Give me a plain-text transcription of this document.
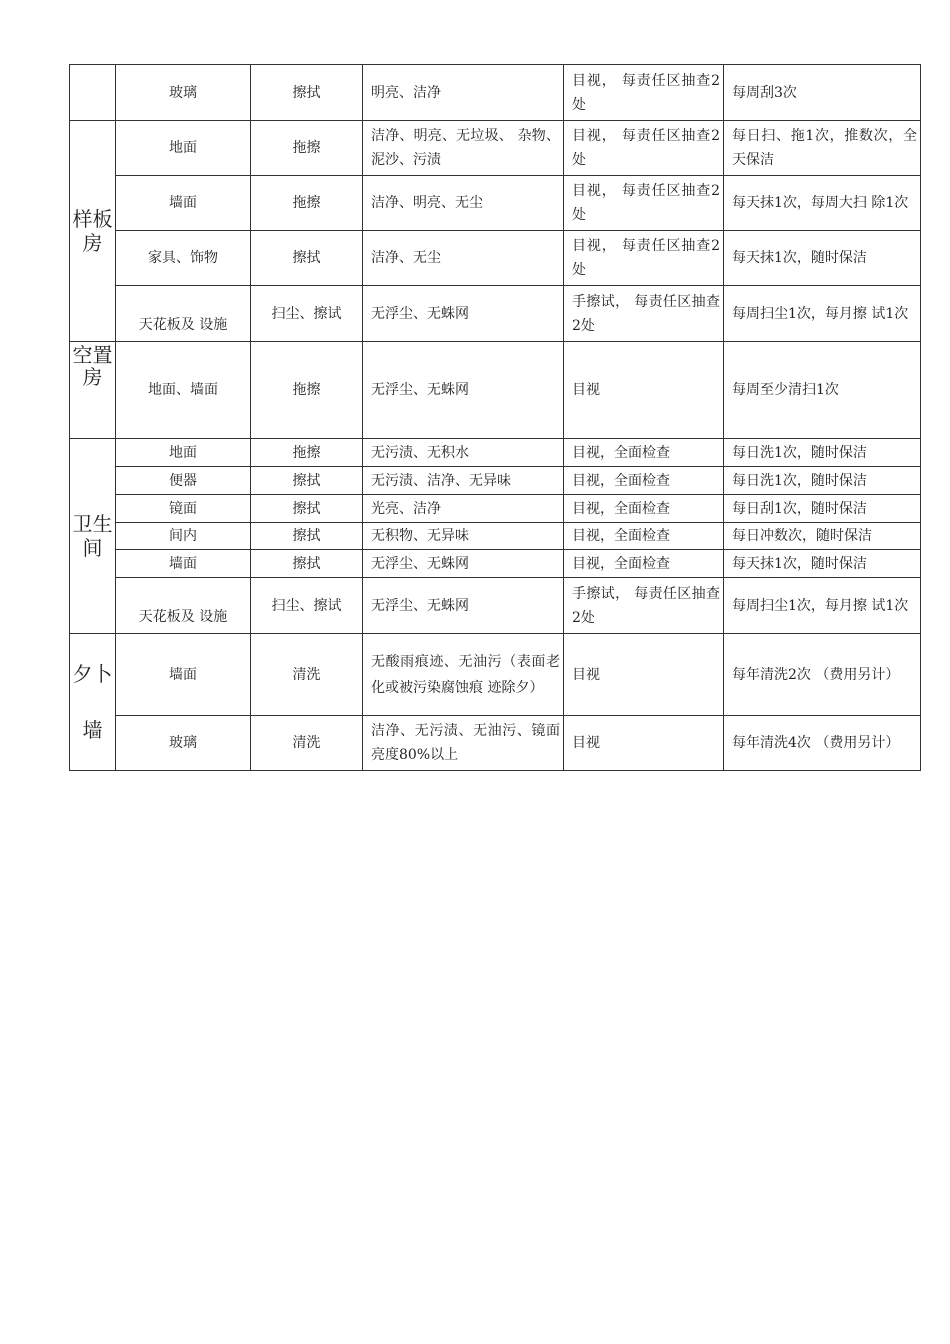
	玻璃	擦拭	明亮、洁净	目视， 每责任区抽查2处	每周刮3次
样板房	地面	拖擦	洁净、明亮、无垃圾、 杂物、泥沙、污渍	目视， 每责任区抽查2处	每日扫、拖1次，推数次，全天保洁
	墙面	拖擦	洁净、明亮、无尘	目视， 每责任区抽查2处	每天抹1次，每周大扫 除1次
	家具、饰物	擦拭	洁净、无尘	目视， 每责任区抽查2处	每天抹1次，随时保洁

	天花板及 设施	扫尘、擦试	无浮尘、无蛛网	手擦试， 每责任区抽查2处	每周扫尘1次，每月擦 试1次
空置房	地面、墙面	拖擦	无浮尘、无蛛网	目视	每周至少清扫1次
卫生间	地面	拖擦	无污渍、无积水	目视，全面检查	每日洗1次，随时保洁
	便器	擦拭	无污渍、洁净、无异味	目视，全面检查	每日洗1次，随时保洁
	镜面	擦拭	光亮、洁净	目视，全面检查	每日刮1次，随时保洁
	间内	擦拭	无积物、无异味	目视，全面检查	每日冲数次，随时保洁
	墙面	擦拭	无浮尘、无蛛网	目视，全面检查	每天抹1次，随时保洁

	天花板及 设施	扫尘、擦试	无浮尘、无蛛网	手擦试， 每责任区抽查2处	每周扫尘1次，每月擦 试1次
夕卜墙	墙面	清洗	无酸雨痕迹、无油污（表面老化或被污染腐蚀痕 迹除夕）	目视	每年清洗2次 （费用另计）
	玻璃	清洗	洁净、无污渍、无油污、镜面亮度80%以上	目视	每年清洗4次 （费用另计）
